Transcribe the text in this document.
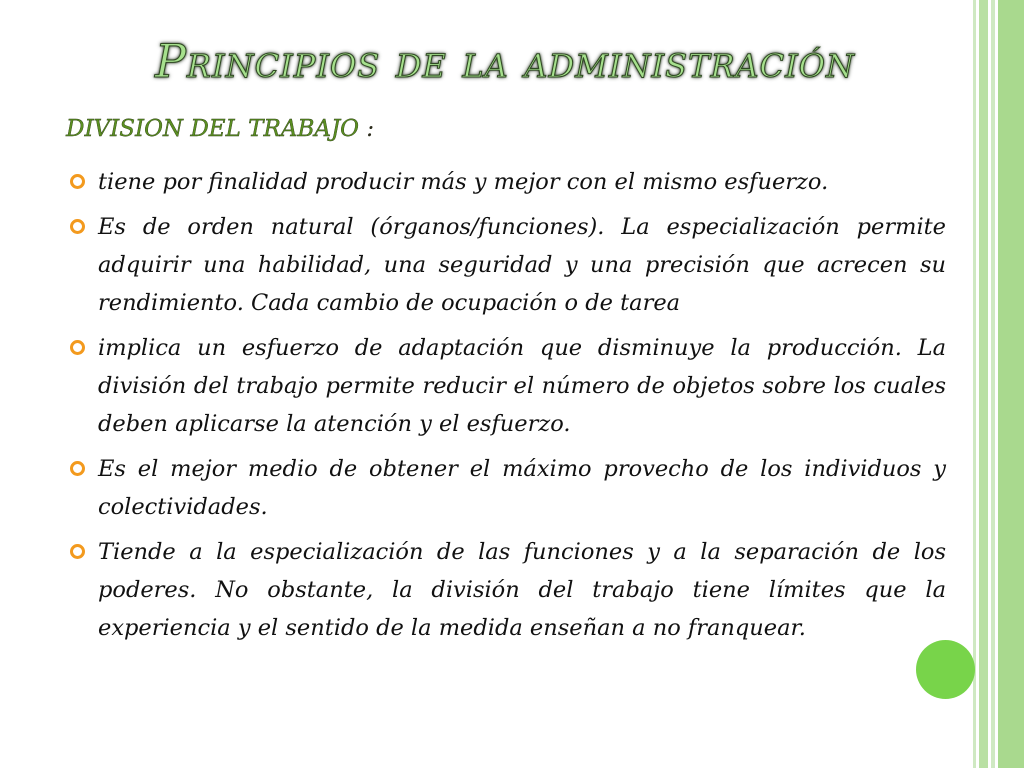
Principios de la administración
DIVISION DEL TRABAJO :
tiene por finalidad producir más y mejor con el mismo esfuerzo.
Es de orden natural (órganos/funciones). La especialización permite adquirir una habilidad, una seguridad y una precisión que acrecen su rendimiento. Cada cambio de ocupación o de tarea
implica un esfuerzo de adaptación que disminuye la producción. La división del trabajo permite reducir el número de objetos sobre los cuales deben aplicarse la atención y el esfuerzo.
Es el mejor medio de obtener el máximo provecho de los individuos y colectividades.
Tiende a la especialización de las funciones y a la separación de los poderes. No obstante, la división del trabajo tiene límites que la experiencia y el sentido de la medida enseñan a no franquear.
